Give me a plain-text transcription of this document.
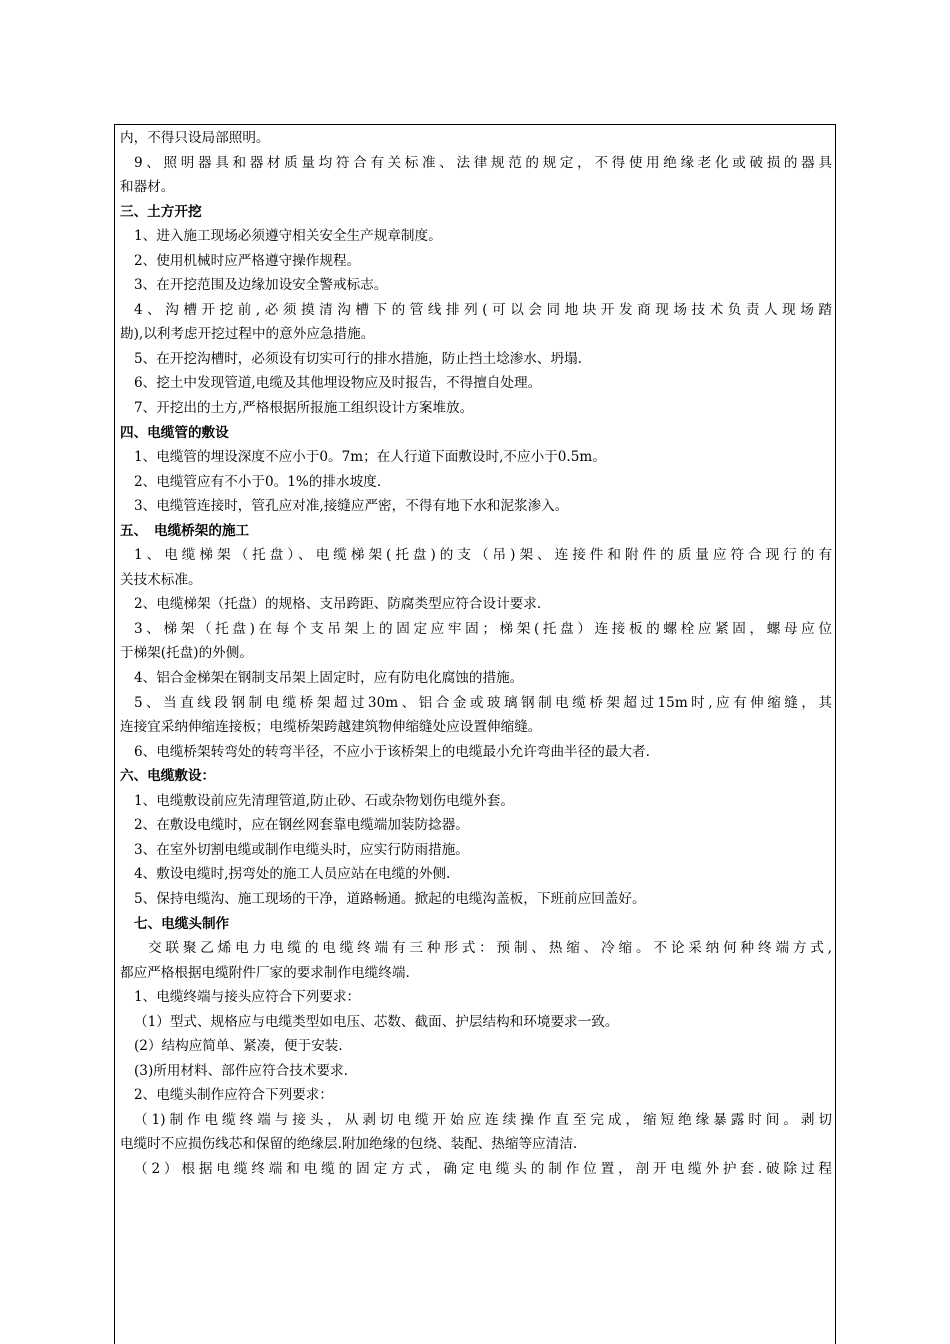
内，不得只设局部照明。
9、照明器具和器材质量均符合有关标准、法律规范的规定，不得使用绝缘老化或破损的器具
和器材。
三、土方开挖
1、进入施工现场必须遵守相关安全生产规章制度。
2、使用机械时应严格遵守操作规程。
3、在开挖范围及边缘加设安全警戒标志。
4、沟槽开挖前,必须摸清沟槽下的管线排列(可以会同地块开发商现场技术负责人现场踏
勘),以利考虑开挖过程中的意外应急措施。
5、在开挖沟槽时，必须设有切实可行的排水措施，防止挡土埝渗水、坍塌.
6、挖土中发现管道,电缆及其他埋设物应及时报告，不得擅自处理。
7、开挖出的土方,严格根据所报施工组织设计方案堆放。
四、电缆管的敷设
1、电缆管的埋设深度不应小于0。7m；在人行道下面敷设时,不应小于0.5m。
2、电缆管应有不小于0。1%的排水坡度.
3、电缆管连接时，管孔应对准,接缝应严密，不得有地下水和泥浆渗入。
五、　电缆桥架的施工
1、电缆梯架（托盘）、电缆梯架(托盘)的支（吊)架、连接件和附件的质量应符合现行的有
关技术标准。
2、电缆梯架（托盘）的规格、支吊跨距、防腐类型应符合设计要求.
3、梯架（托盘)在每个支吊架上的固定应牢固；梯架(托盘）连接板的螺栓应紧固，螺母应位
于梯架(托盘)的外侧。
4、铝合金梯架在钢制支吊架上固定时，应有防电化腐蚀的措施。
5、当直线段钢制电缆桥架超过30m、铝合金或玻璃钢制电缆桥架超过15m时,应有伸缩缝，其
连接宜采纳伸缩连接板；电缆桥架跨越建筑物伸缩缝处应设置伸缩缝。
6、电缆桥架转弯处的转弯半径，不应小于该桥架上的电缆最小允许弯曲半径的最大者.
六、电缆敷设：
1、电缆敷设前应先清理管道,防止砂、石或杂物划伤电缆外套。
2、在敷设电缆时，应在钢丝网套靠电缆端加装防捻器。
3、在室外切割电缆或制作电缆头时，应实行防雨措施。
4、敷设电缆时,拐弯处的施工人员应站在电缆的外侧.
5、保持电缆沟、施工现场的干净，道路畅通。掀起的电缆沟盖板，下班前应回盖好。
七、电缆头制作
交联聚乙烯电力电缆的电缆终端有三种形式：预制、热缩、冷缩。不论采纳何种终端方式,
都应严格根据电缆附件厂家的要求制作电缆终端.
1、电缆终端与接头应符合下列要求：
（1）型式、规格应与电缆类型如电压、芯数、截面、护层结构和环境要求一致。
(2）结构应简单、紧凑，便于安装.
(3)所用材料、部件应符合技术要求.
2、电缆头制作应符合下列要求：
（1)制作电缆终端与接头，从剥切电缆开始应连续操作直至完成，缩短绝缘暴露时间。剥切
电缆时不应损伤线芯和保留的绝缘层.附加绝缘的包绕、装配、热缩等应清洁.
（2）根据电缆终端和电缆的固定方式，确定电缆头的制作位置，剖开电缆外护套.破除过程
